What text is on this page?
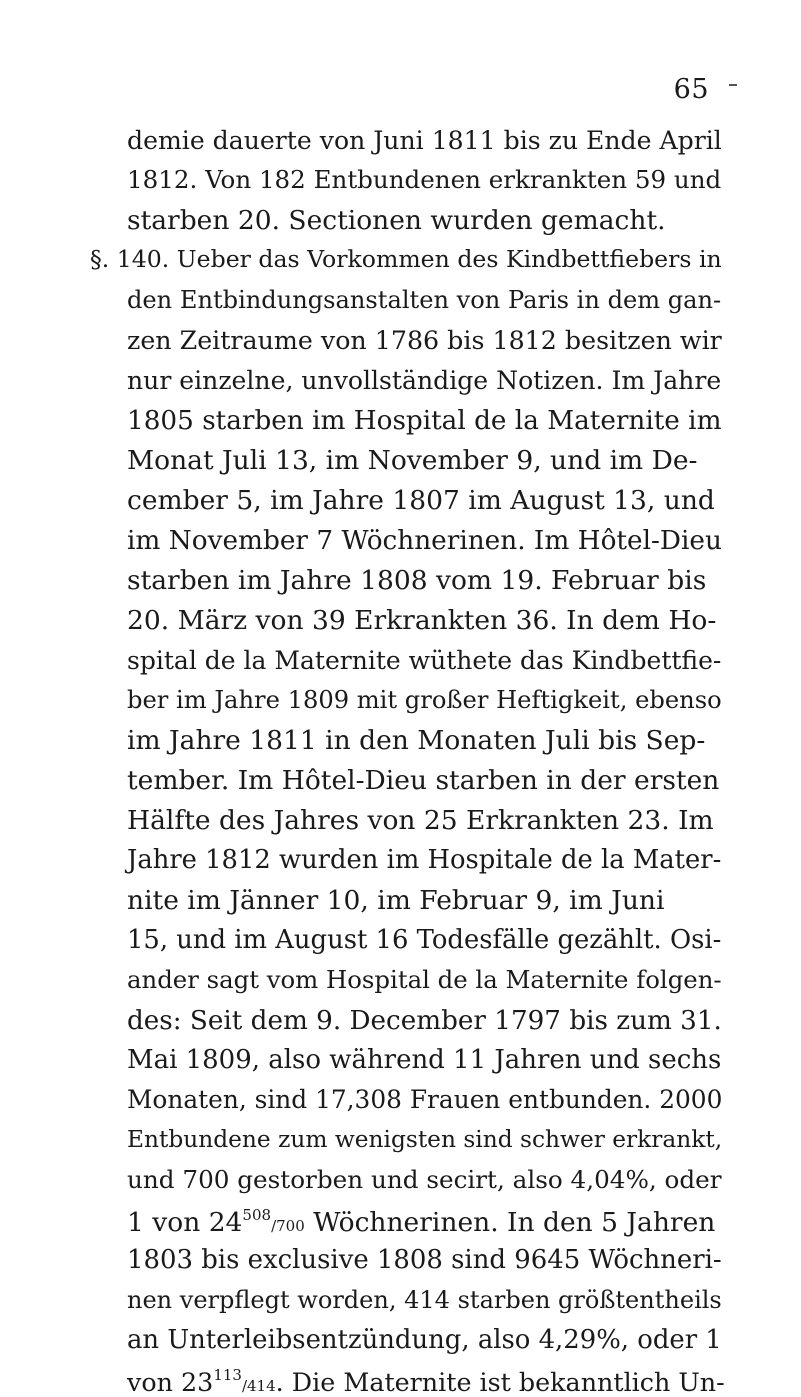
65
demie dauerte von Juni 1811 bis zu Ende April
1812. Von 182 Entbundenen erkrankten 59 und
starben 20. Sectionen wurden gemacht.
§. 140. Ueber das Vorkommen des Kindbettfiebers in
den Entbindungsanstalten von Paris in dem gan-
zen Zeitraume von 1786 bis 1812 besitzen wir
nur einzelne, unvollständige Notizen. Im Jahre
1805 starben im Hospital de la Maternite im
Monat Juli 13, im November 9, und im De-
cember 5, im Jahre 1807 im August 13, und
im November 7 Wöchnerinen. Im Hôtel-Dieu
starben im Jahre 1808 vom 19. Februar bis
20. März von 39 Erkrankten 36. In dem Ho-
spital de la Maternite wüthete das Kindbettfie-
ber im Jahre 1809 mit großer Heftigkeit, ebenso
im Jahre 1811 in den Monaten Juli bis Sep-
tember. Im Hôtel-Dieu starben in der ersten
Hälfte des Jahres von 25 Erkrankten 23. Im
Jahre 1812 wurden im Hospitale de la Mater-
nite im Jänner 10, im Februar 9, im Juni
15, und im August 16 Todesfälle gezählt. Osi-
ander sagt vom Hospital de la Maternite folgen-
des: Seit dem 9. December 1797 bis zum 31.
Mai 1809, also während 11 Jahren und sechs
Monaten, sind 17,308 Frauen entbunden. 2000
Entbundene zum wenigsten sind schwer erkrankt,
und 700 gestorben und secirt, also 4,04%, oder
1 von $24^{508}/700$ Wöchnerinen. In den 5 Jahren
1803 bis exclusive 1808 sind 9645 Wöchneri-
nen verpflegt worden, 414 starben größtentheils
an Unterleibsentzündung, also 4,29%, oder 1
von $23^{113}/414$. Die Maternite ist bekanntlich Un-
